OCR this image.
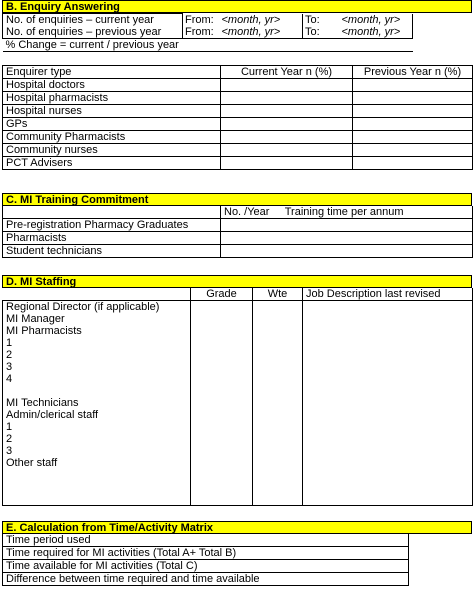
B. Enquiry Answering
No. of enquiries – current year	From:	<month, yr>	To:	<month, yr>
No. of enquiries – previous year	From:	<month, yr>	To:	<month, yr>
% Change = current / previous year				
Enquirer type	Current Year n (%)	Previous Year n (%)
Hospital doctors		
Hospital pharmacists		
Hospital nurses		
GPs		
Community Pharmacists		
Community nurses		
PCT Advisers		
C. MI Training Commitment
	No. /Year Training time per annum
Pre-registration Pharmacy Graduates	
Pharmacists	
Student technicians	
D. MI Staffing
	Grade	Wte	Job Description last revised
Regional Director (if applicable)			
MI Manager			
MI Pharmacists			
1			
2			
3			
4			

MI Technicians			
Admin/clerical staff			
1			
2			
3			
Other staff			

E. Calculation from Time/Activity Matrix
Time period used	
Time required for MI activities (Total A+ Total B)	
Time available for MI activities (Total C)	
Difference between time required and time available	
